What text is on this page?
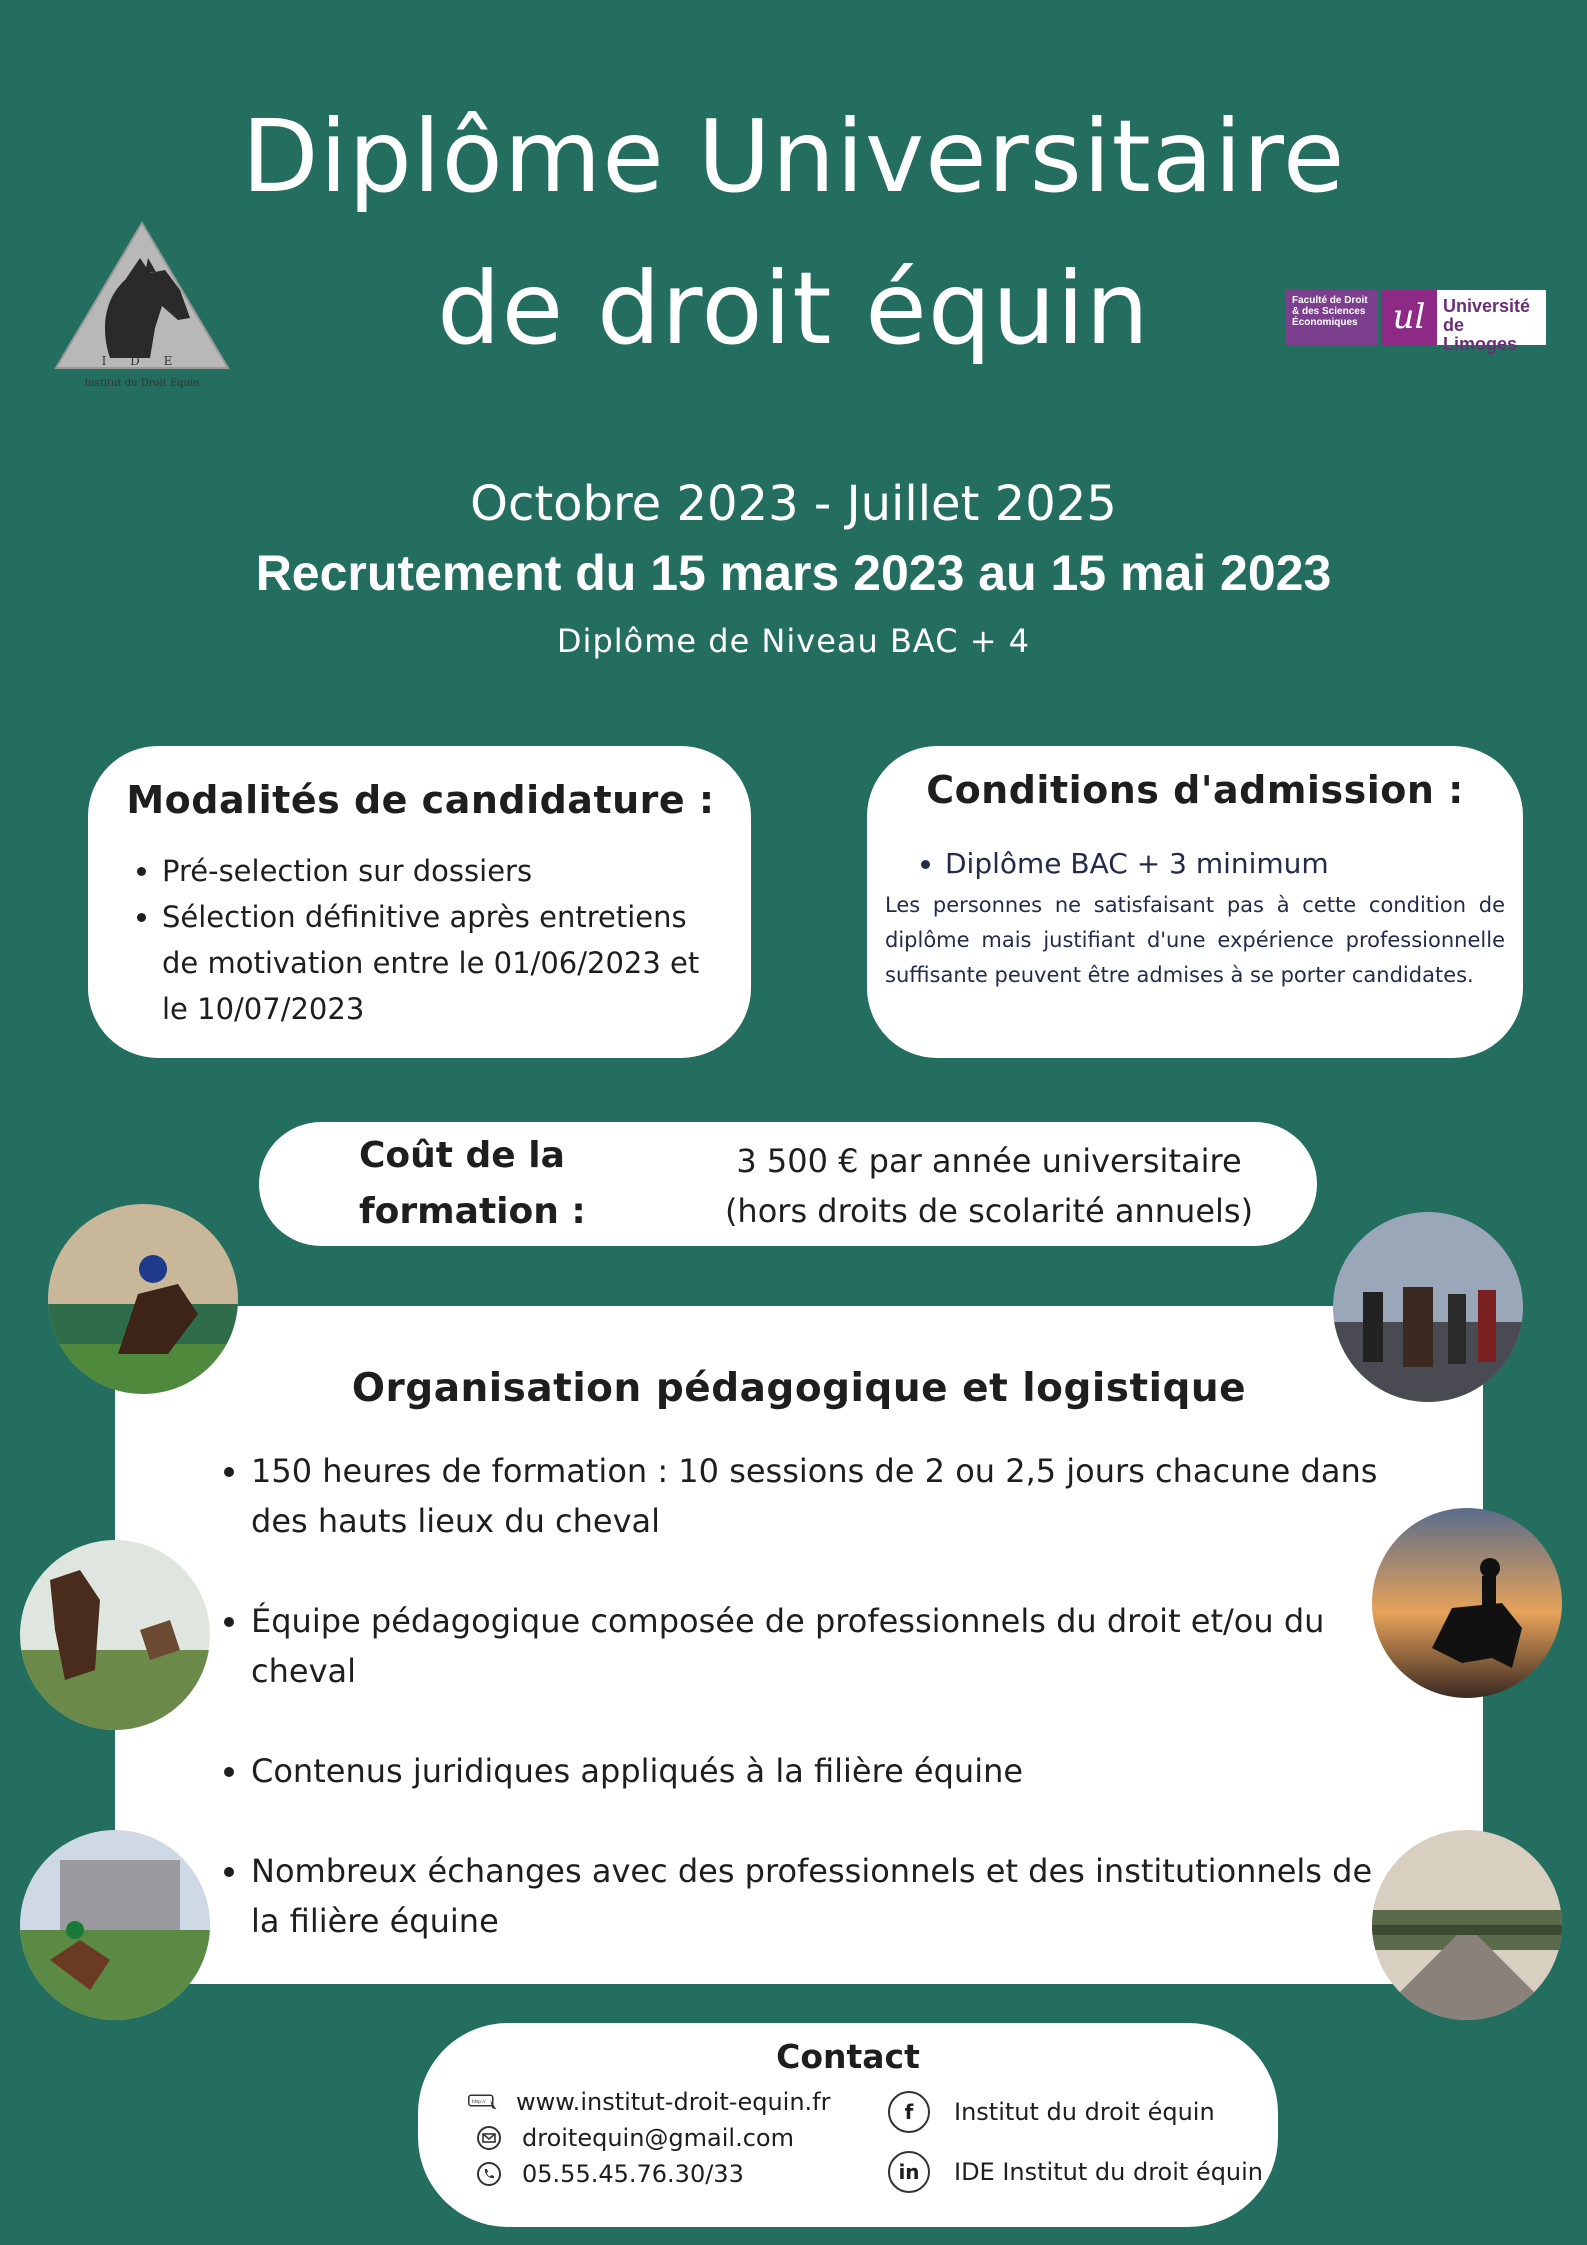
Diplôme Universitaire
de droit équin
I D E
Institut du Droit Equin
Faculté de Droit & des Sciences Économiques	ul Université
de Limoges
Octobre 2023 - Juillet 2025
Recrutement du 15 mars 2023 au 15 mai 2023
Diplôme de Niveau BAC + 4
Modalités de candidature :
• Pré-selection sur dossiers
• Sélection définitive après entretiens de motivation entre le 01/06/2023 et le 10/07/2023
Conditions d'admission :
• Diplôme BAC + 3 minimum
Les personnes ne satisfaisant pas à cette condition de diplôme mais justifiant d'une expérience professionnelle suffisante peuvent être admises à se porter candidates.
Coût de la formation :
3 500 € par année universitaire
(hors droits de scolarité annuels)
Organisation pédagogique et logistique
• 150 heures de formation : 10 sessions de 2 ou 2,5 jours chacune dans des hauts lieux du cheval
• Équipe pédagogique composée de professionnels du droit et/ou du cheval
• Contenus juridiques appliqués à la filière équine
• Nombreux échanges avec des professionnels et des institutionnels de la filière équine
Contact
http:// www.institut-droit-equin.fr
droitequin@gmail.com
05.55.45.76.30/33
f	Institut du droit équin
in	IDE Institut du droit équin
